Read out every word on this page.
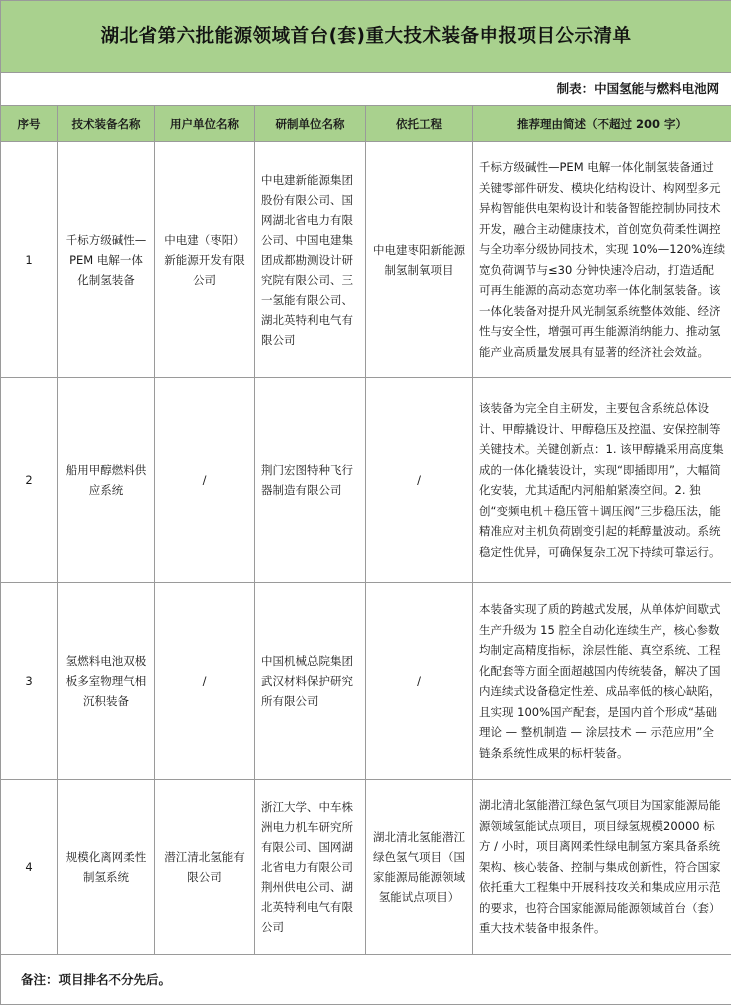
湖北省第六批能源领域首台(套)重大技术装备申报项目公示清单					
制表：中国氢能与燃料电池网					
序号	技术装备名称	用户单位名称	研制单位名称	依托工程	推荐理由简述（不超过 200 字）
1	千标方级碱性—PEM 电解一体化制氢装备	中电建（枣阳）新能源开发有限公司	中电建新能源集团股份有限公司、国网湖北省电力有限公司、中国电建集团成都勘测设计研究院有限公司、三一氢能有限公司、湖北英特利电气有限公司	中电建枣阳新能源制氢制氧项目	千标方级碱性—PEM 电解一体化制氢装备通过关键零部件研发、模块化结构设计、构网型多元异构智能供电架构设计和装备智能控制协同技术开发，融合主动健康技术，首创宽负荷柔性调控与全功率分级协同技术，实现 10%—120%连续宽负荷调节与≤30 分钟快速冷启动，打造适配可再生能源的高动态宽功率一体化制氢装备。该一体化装备对提升风光制氢系统整体效能、经济性与安全性，增强可再生能源消纳能力、推动氢能产业高质量发展具有显著的经济社会效益。
2	船用甲醇燃料供应系统	/	荆门宏图特种飞行器制造有限公司	/	该装备为完全自主研发，主要包含系统总体设计、甲醇撬设计、甲醇稳压及控温、安保控制等关键技术。关键创新点：1. 该甲醇撬采用高度集成的一体化撬装设计，实现“即插即用”，大幅简化安装，尤其适配内河船舶紧凑空间。2. 独创“变频电机＋稳压管＋调压阀”三步稳压法，能精准应对主机负荷剧变引起的耗醇量波动。系统稳定性优异，可确保复杂工况下持续可靠运行。
3	氢燃料电池双极板多室物理气相沉积装备	/	中国机械总院集团武汉材料保护研究所有限公司	/	本装备实现了质的跨越式发展，从单体炉间歇式生产升级为 15 腔全自动化连续生产，核心参数均制定高精度指标，涂层性能、真空系统、工程化配套等方面全面超越国内传统装备，解决了国内连续式设备稳定性差、成品率低的核心缺陷，且实现 100%国产配套，是国内首个形成“基础理论 — 整机制造 — 涂层技术 — 示范应用”全链条系统性成果的标杆装备。
4	规模化离网柔性制氢系统	潜江清北氢能有限公司	浙江大学、中车株洲电力机车研究所有限公司、国网湖北省电力有限公司荆州供电公司、湖北英特利电气有限公司	湖北清北氢能潜江绿色氢气项目（国家能源局能源领域氢能试点项目）	湖北清北氢能潜江绿色氢气项目为国家能源局能源领域氢能试点项目，项目绿氢规模20000 标方 / 小时，项目离网柔性绿电制氢方案具备系统架构、核心装备、控制与集成创新性，符合国家依托重大工程集中开展科技攻关和集成应用示范的要求，也符合国家能源局能源领域首台（套）重大技术装备申报条件。
备注：项目排名不分先后。					
